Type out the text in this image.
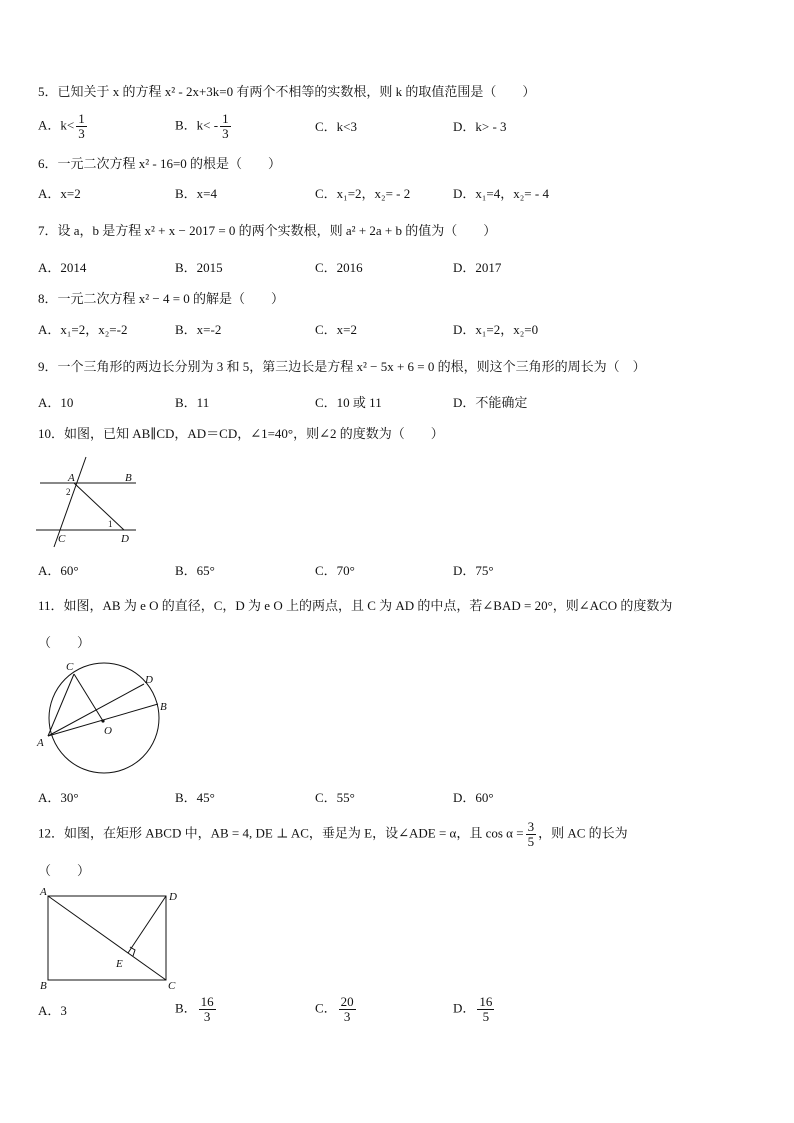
5．已知关于 x 的方程 x² - 2x+3k=0 有两个不相等的实数根，则 k 的取值范围是（　　）
A．$k< \frac{1}{3}$	B．$k< - \frac{1}{3}$	C．k<3	D．k> - 3
6．一元二次方程 x² - 16=0 的根是（　　）
A．x=2	B．x=4	C．x₁=2，x₂= - 2	D．x₁=4，x₂= - 4
7．设 a，b 是方程 x² + x − 2017 = 0 的两个实数根，则 a² + 2a + b 的值为（　　）
A．2014	B．2015	C．2016	D．2017
8．一元二次方程 x² − 4 = 0 的解是（　　）
A．x₁=2，x₂=-2	B．x=-2	C．x=2	D．x₁=2，x₂=0
9．一个三角形的两边长分别为 3 和 5，第三边长是方程 x² − 5x + 6 = 0 的根，则这个三角形的周长为（　）
A．10	B．11	C．10 或 11	D．不能确定
10．如图，已知 AB∥CD，AD＝CD，∠1=40°，则∠2 的度数为（　　）
A	B
C	D
1
2
A．60°	B．65°	C．70°	D．75°
11．如图，AB 为 e O 的直径，C，D 为 e O 上的两点，且 C 为 AD 的中点，若∠BAD = 20°，则∠ACO 的度数为
（　　）
A
B
C
D
O
A．30°	B．45°	C．55°	D．60°
12．如图，在矩形 ABCD 中，AB = 4, DE ⊥ AC，垂足为 E，设∠ADE = α，且 $\cos \alpha = \frac{3}{5}$ ，则 AC 的长为
（　　）
A
B	C
D
E
A．3	B． $\frac{16}{3}$	C． $\frac{20}{3}$	D． $\frac{16}{5}$
